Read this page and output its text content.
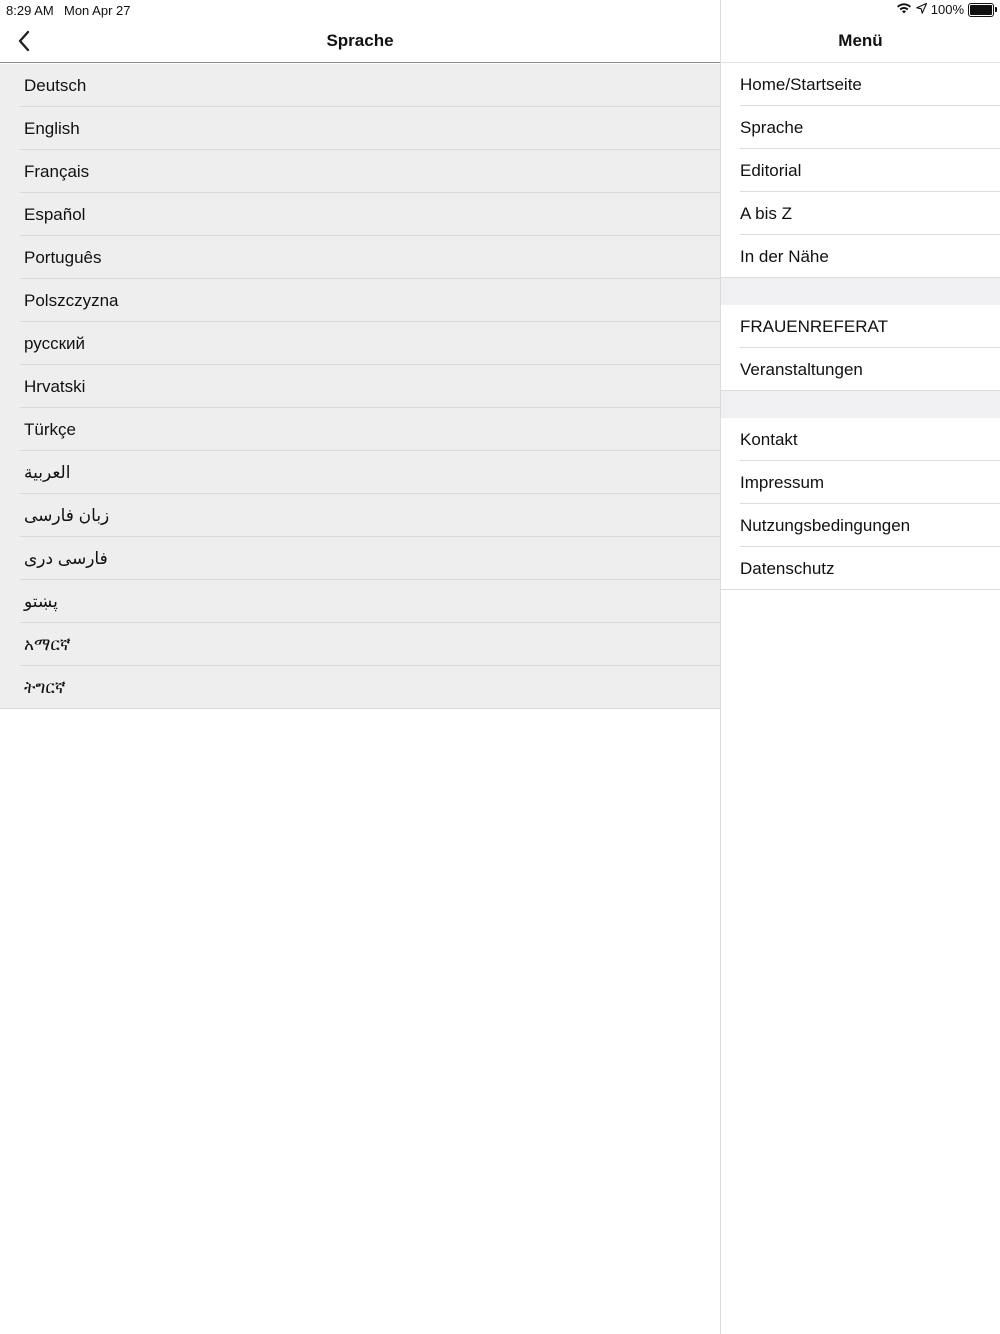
8:29 AM Mon Apr 27	100%
Sprache
Deutsch
English
Français
Español
Português
Polszczyzna
русский
Hrvatski
Türkçe
العربية
زبان فارسی
فارسی دری
پښتو
አማርኛ
ትግርኛ
Menü
Home/Startseite
Sprache
Editorial
A bis Z
In der Nähe
FRAUENREFERAT
Veranstaltungen
Kontakt
Impressum
Nutzungsbedingungen
Datenschutz
